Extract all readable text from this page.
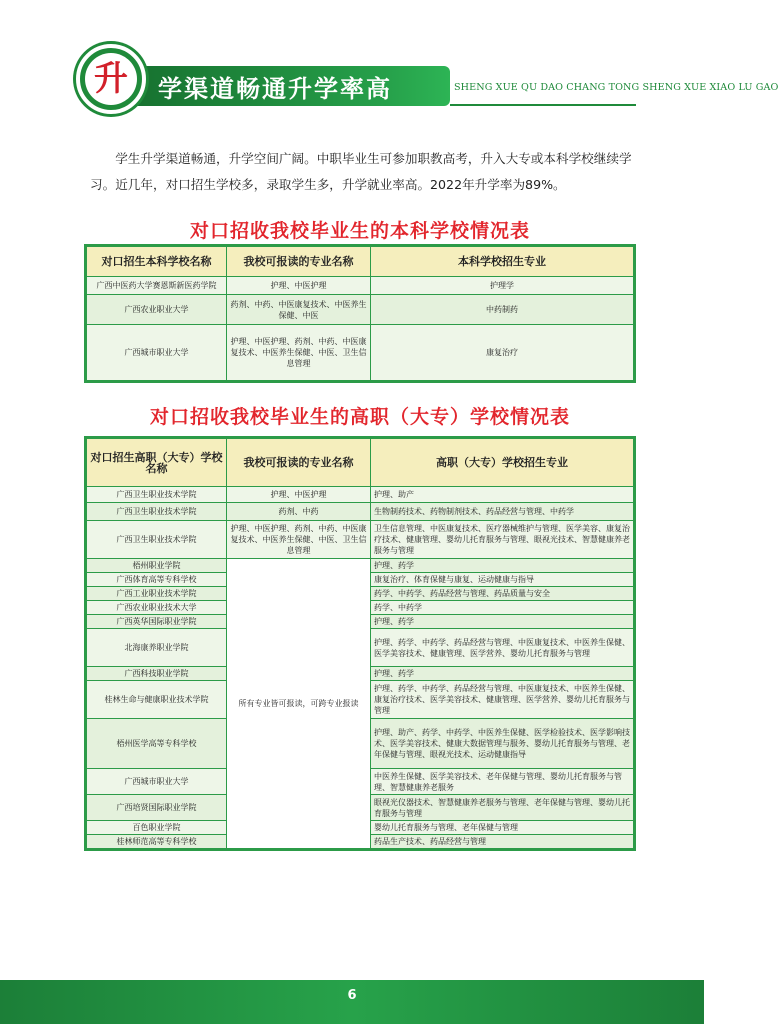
升 学渠道畅通升学率高	SHENG XUE QU DAO CHANG TONG SHENG XUE XIAO LU GAO

学生升学渠道畅通，升学空间广阔。中职毕业生可参加职教高考，升入大专或本科学校继续学习。近几年，对口招生学校多，录取学生多，升学就业率高。2022年升学率为89%。

对口招收我校毕业生的本科学校情况表
对口招生本科学校名称	我校可报读的专业名称	本科学校招生专业
广西中医药大学赛恩斯新医药学院	护理、中医护理	护理学
广西农业职业大学	药剂、中药、中医康复技术、中医养生保健、中医	中药制药
广西城市职业大学	护理、中医护理、药剂、中药、中医康复技术、中医养生保健、中医、卫生信息管理	康复治疗
对口招收我校毕业生的高职（大专）学校情况表
对口招生高职（大专）学校名称	我校可报读的专业名称	高职（大专）学校招生专业
广西卫生职业技术学院	护理、中医护理	护理、助产
广西卫生职业技术学院	药剂、中药	生物制药技术、药物制剂技术、药品经营与管理、中药学
广西卫生职业技术学院	护理、中医护理、药剂、中药、中医康复技术、中医养生保健、中医、卫生信息管理	卫生信息管理、中医康复技术、医疗器械维护与管理、医学美容、康复治疗技术、健康管理、婴幼儿托育服务与管理、眼视光技术、智慧健康养老服务与管理
梧州职业学院	所有专业皆可报读，可跨专业报读	护理、药学
广西体育高等专科学校		康复治疗、体育保健与康复、运动健康与指导
广西工业职业技术学院		药学、中药学、药品经营与管理、药品质量与安全
广西农业职业技术大学		药学、中药学
广西英华国际职业学院		护理、药学
北海康养职业学院		护理、药学、中药学、药品经营与管理、中医康复技术、中医养生保健、医学美容技术、健康管理、医学营养、婴幼儿托育服务与管理
广西科技职业学院		护理、药学
桂林生命与健康职业技术学院		护理、药学、中药学、药品经营与管理、中医康复技术、中医养生保健、康复治疗技术、医学美容技术、健康管理、医学营养、婴幼儿托育服务与管理
梧州医学高等专科学校		护理、助产、药学、中药学、中医养生保健、医学检验技术、医学影响技术、医学美容技术、健康大数据管理与服务、婴幼儿托育服务与管理、老年保健与管理、眼视光技术、运动健康指导
广西城市职业大学		中医养生保健、医学美容技术、老年保健与管理、婴幼儿托育服务与管理、智慧健康养老服务
广西培贤国际职业学院		眼视光仪器技术、智慧健康养老服务与管理、老年保健与管理、婴幼儿托育服务与管理
百色职业学院		婴幼儿托育服务与管理、老年保健与管理
桂林师范高等专科学校		药品生产技术、药品经营与管理
6
